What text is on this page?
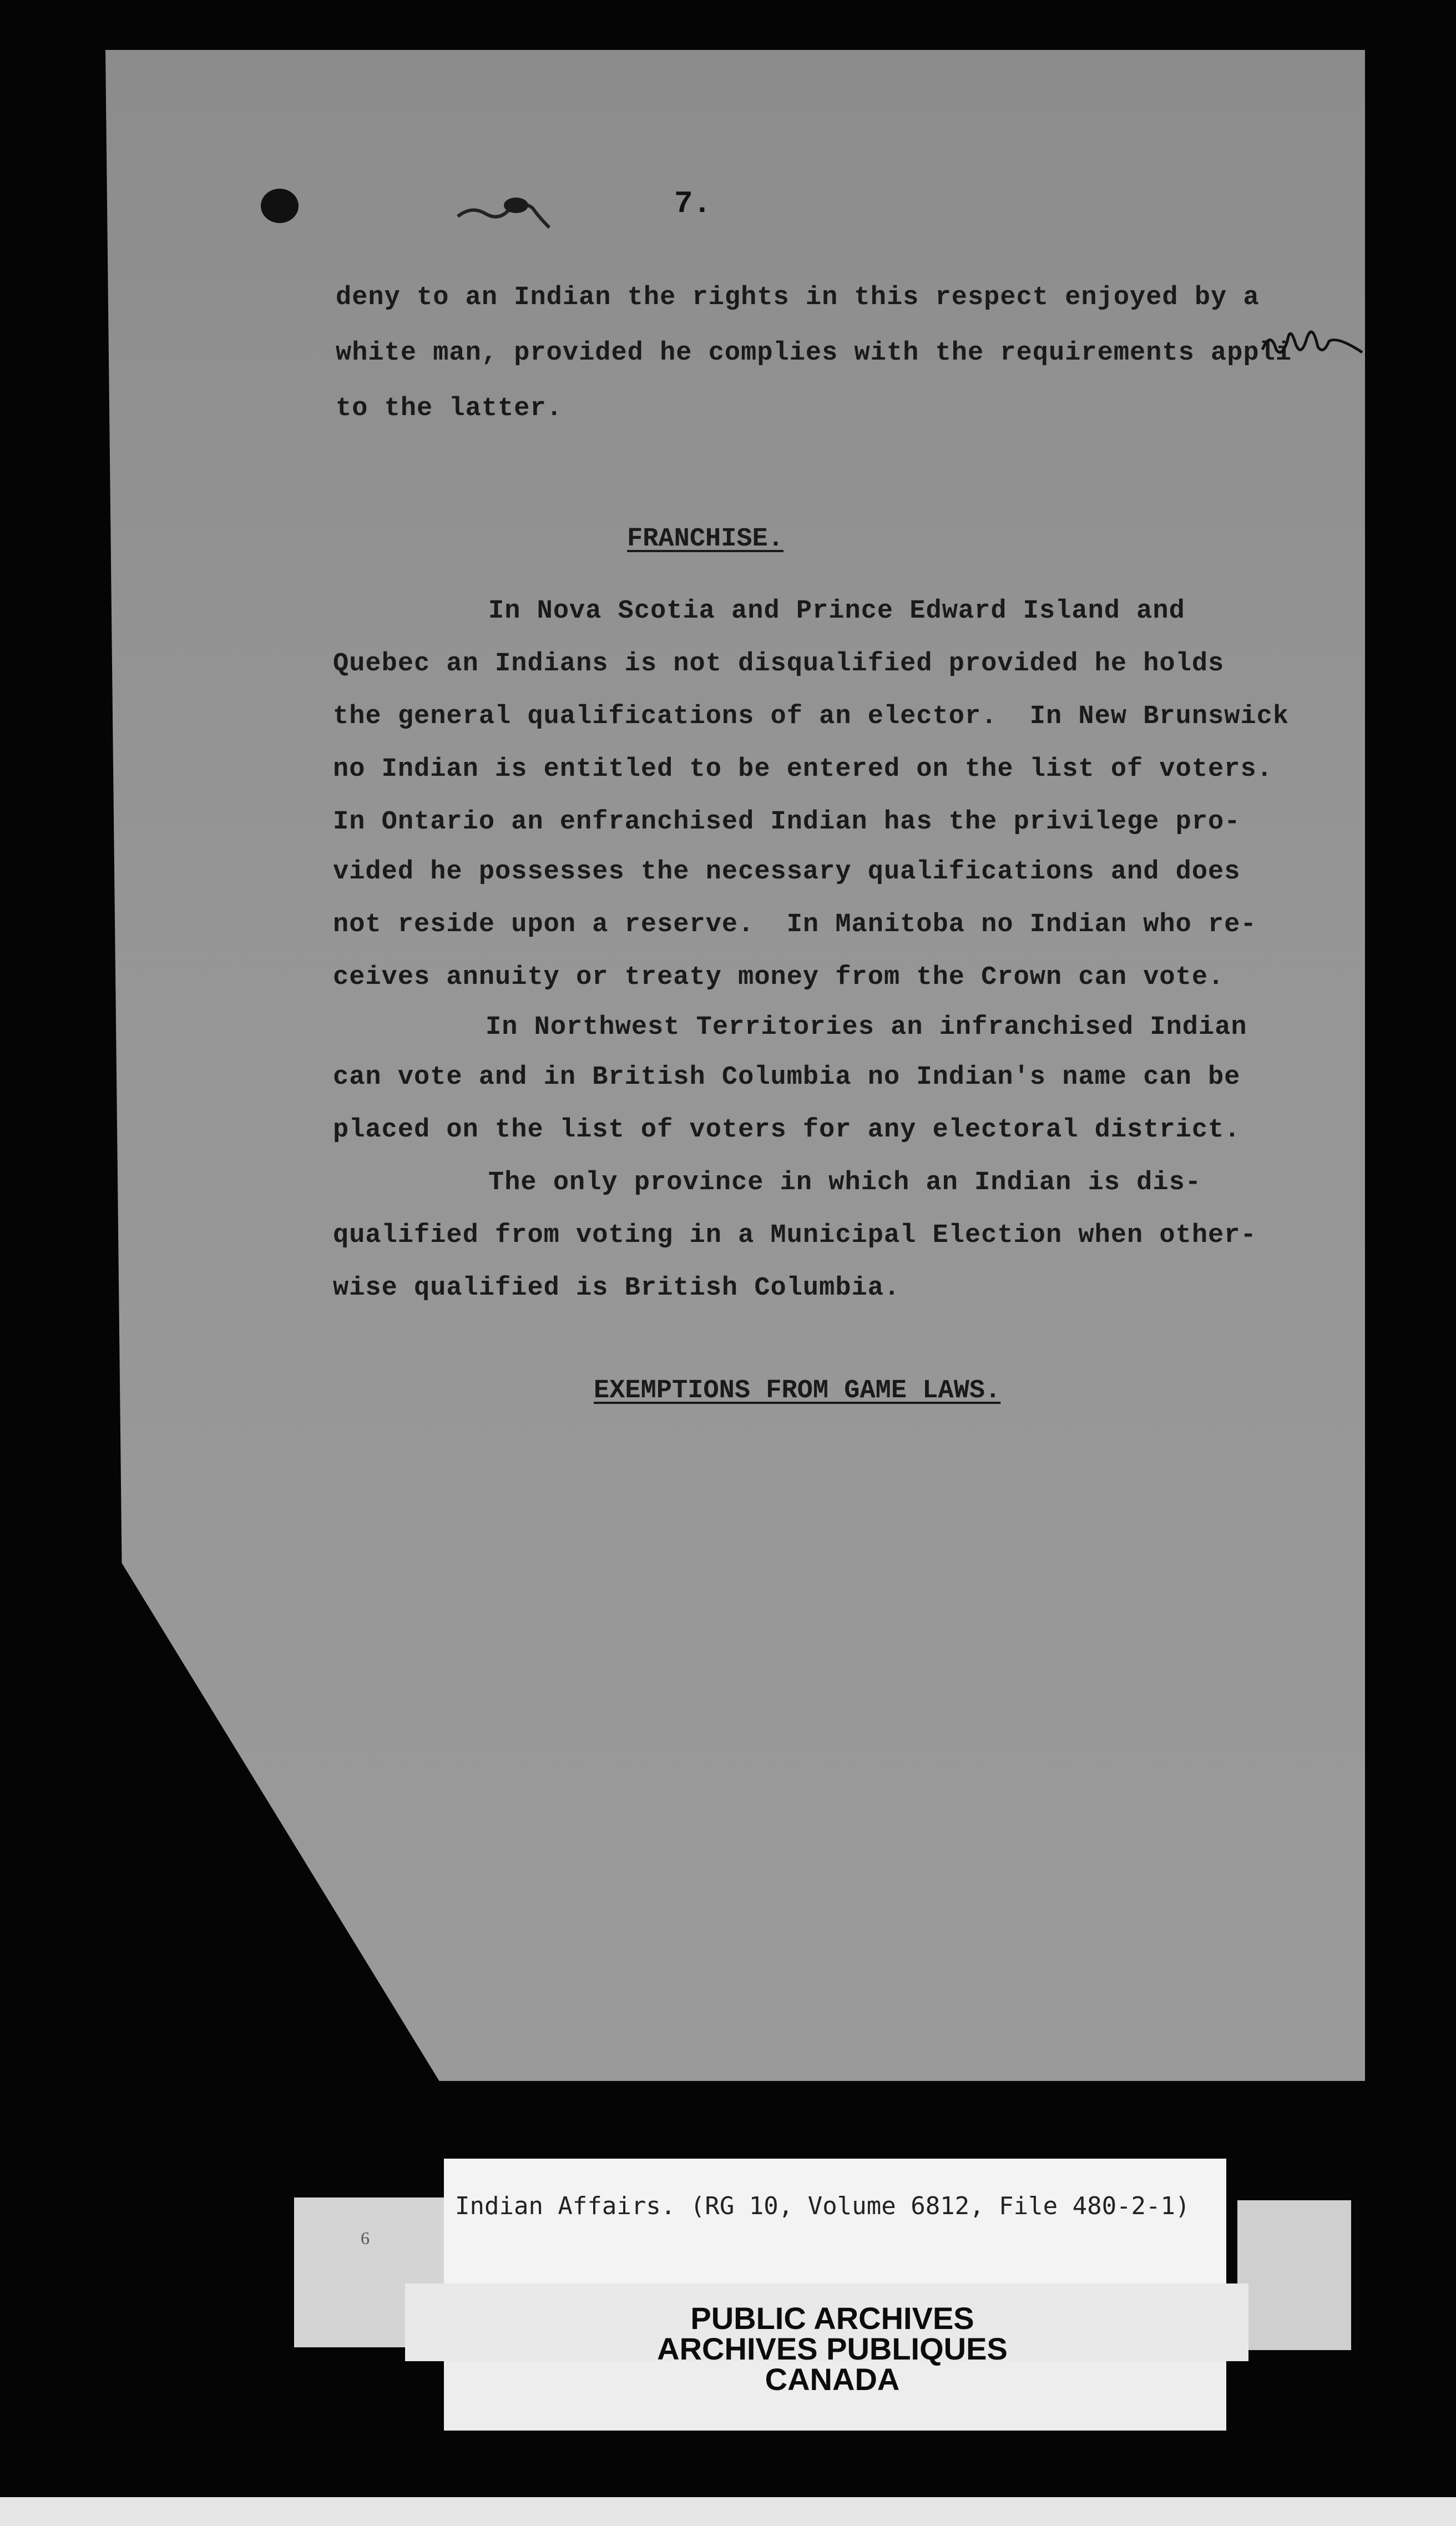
7.
deny to an Indian the rights in this respect enjoyed by a
white man, provided he complies with the requirements appli
to the latter.
FRANCHISE.
In Nova Scotia and Prince Edward Island and
Quebec an Indians is not disqualified provided he holds
the general qualifications of an elector.  In New Brunswick
no Indian is entitled to be entered on the list of voters.
In Ontario an enfranchised Indian has the privilege pro-
vided he possesses the necessary qualifications and does
not reside upon a reserve.  In Manitoba no Indian who re-
ceives annuity or treaty money from the Crown can vote.
In Northwest Territories an infranchised Indian
can vote and in British Columbia no Indian's name can be
placed on the list of voters for any electoral district.
The only province in which an Indian is dis-
qualified from voting in a Municipal Election when other-
wise qualified is British Columbia.
EXEMPTIONS FROM GAME LAWS.
6
Indian Affairs. (RG 10, Volume 6812, File 480-2-1)
PUBLIC ARCHIVES
ARCHIVES PUBLIQUES
CANADA
